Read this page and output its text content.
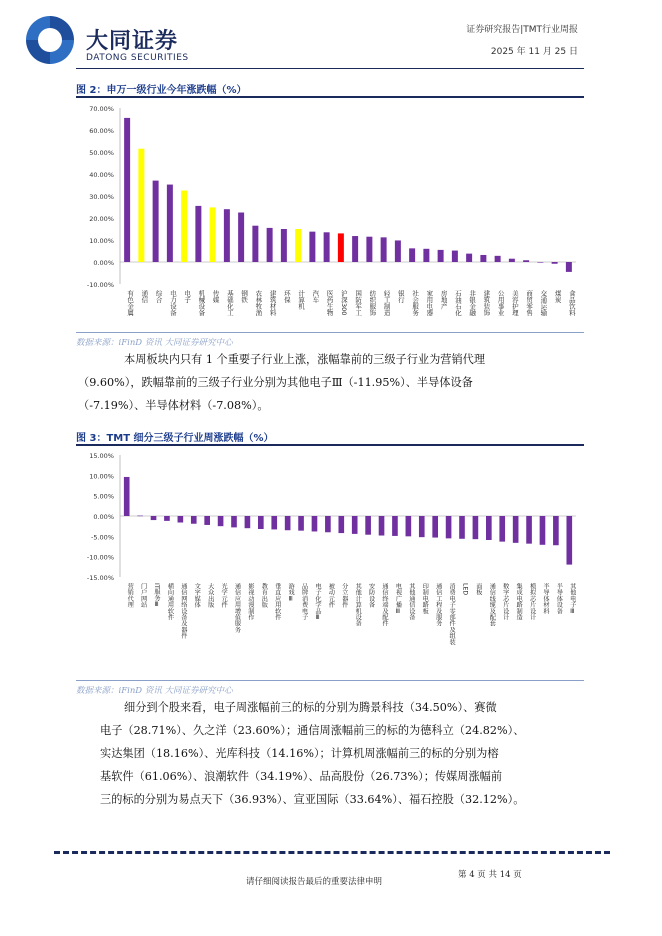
大同证券
DATONG SECURITIES
证券研究报告|TMT行业周报
2025 年 11 月 25 日
图 2：申万一级行业今年涨跌幅（%）
70.00%
60.00%
50.00%
40.00%
30.00%
20.00%
10.00%
0.00%
-10.00%
有色金属 通信 综合 电力设备 电子 机械设备 传媒 基础化工 钢铁 农林牧渔 建筑材料 环保 计算机 汽车 医药生物 沪深300 国防军工 纺织服饰 轻工制造 银行 社会服务 家用电器 房地产 石油石化 非银金融 建筑装饰 公用事业 美容护理 商贸零售 交通运输 煤炭 食品饮料
数据来源：iFinD 资讯 大同证券研究中心
本周板块内只有 1 个重要子行业上涨，涨幅靠前的三级子行业为营销代理
（9.60%），跌幅靠前的三级子行业分别为其他电子Ⅲ（-11.95%）、半导体设备
（-7.19%）、半导体材料（-7.08%）。
图 3：TMT 细分三级子行业周涨跌幅（%）
15.00%
10.00%
5.00%
0.00%
-5.00%
-10.00%
-15.00%
营销代理 门户网站 IT服务Ⅲ 横向通用软件 通信网络设备及器件 文字媒体 大众出版 光学元件 通信应用增值服务 影视动漫制作 教育出版 垂直应用软件 游戏Ⅲ 品牌消费电子 电子化学品Ⅲ 被动元件 分立器件 其他计算机设备 安防设备 通信终端及配件 电视广播Ⅲ 其他通信设备 印制电路板 通信工程及服务 消费电子零部件及组装 LED 面板 通信线缆及配套 数字芯片设计 集成电路制造 模拟芯片设计 半导体材料 半导体设备 其他电子Ⅲ
数据来源：iFinD 资讯 大同证券研究中心
细分到个股来看，电子周涨幅前三的标的分别为腾景科技（34.50%）、赛微
电子（28.71%）、久之洋（23.60%）；通信周涨幅前三的标的为德科立（24.82%）、
实达集团（18.16%）、光库科技（14.16%）；计算机周涨幅前三的标的分别为榕
基软件（61.06%）、浪潮软件（34.19%）、品高股份（26.73%）；传媒周涨幅前
三的标的分别为易点天下（36.93%）、宣亚国际（33.64%）、福石控股（32.12%）。
请仔细阅读报告最后的重要法律申明
第 4 页 共 14 页
